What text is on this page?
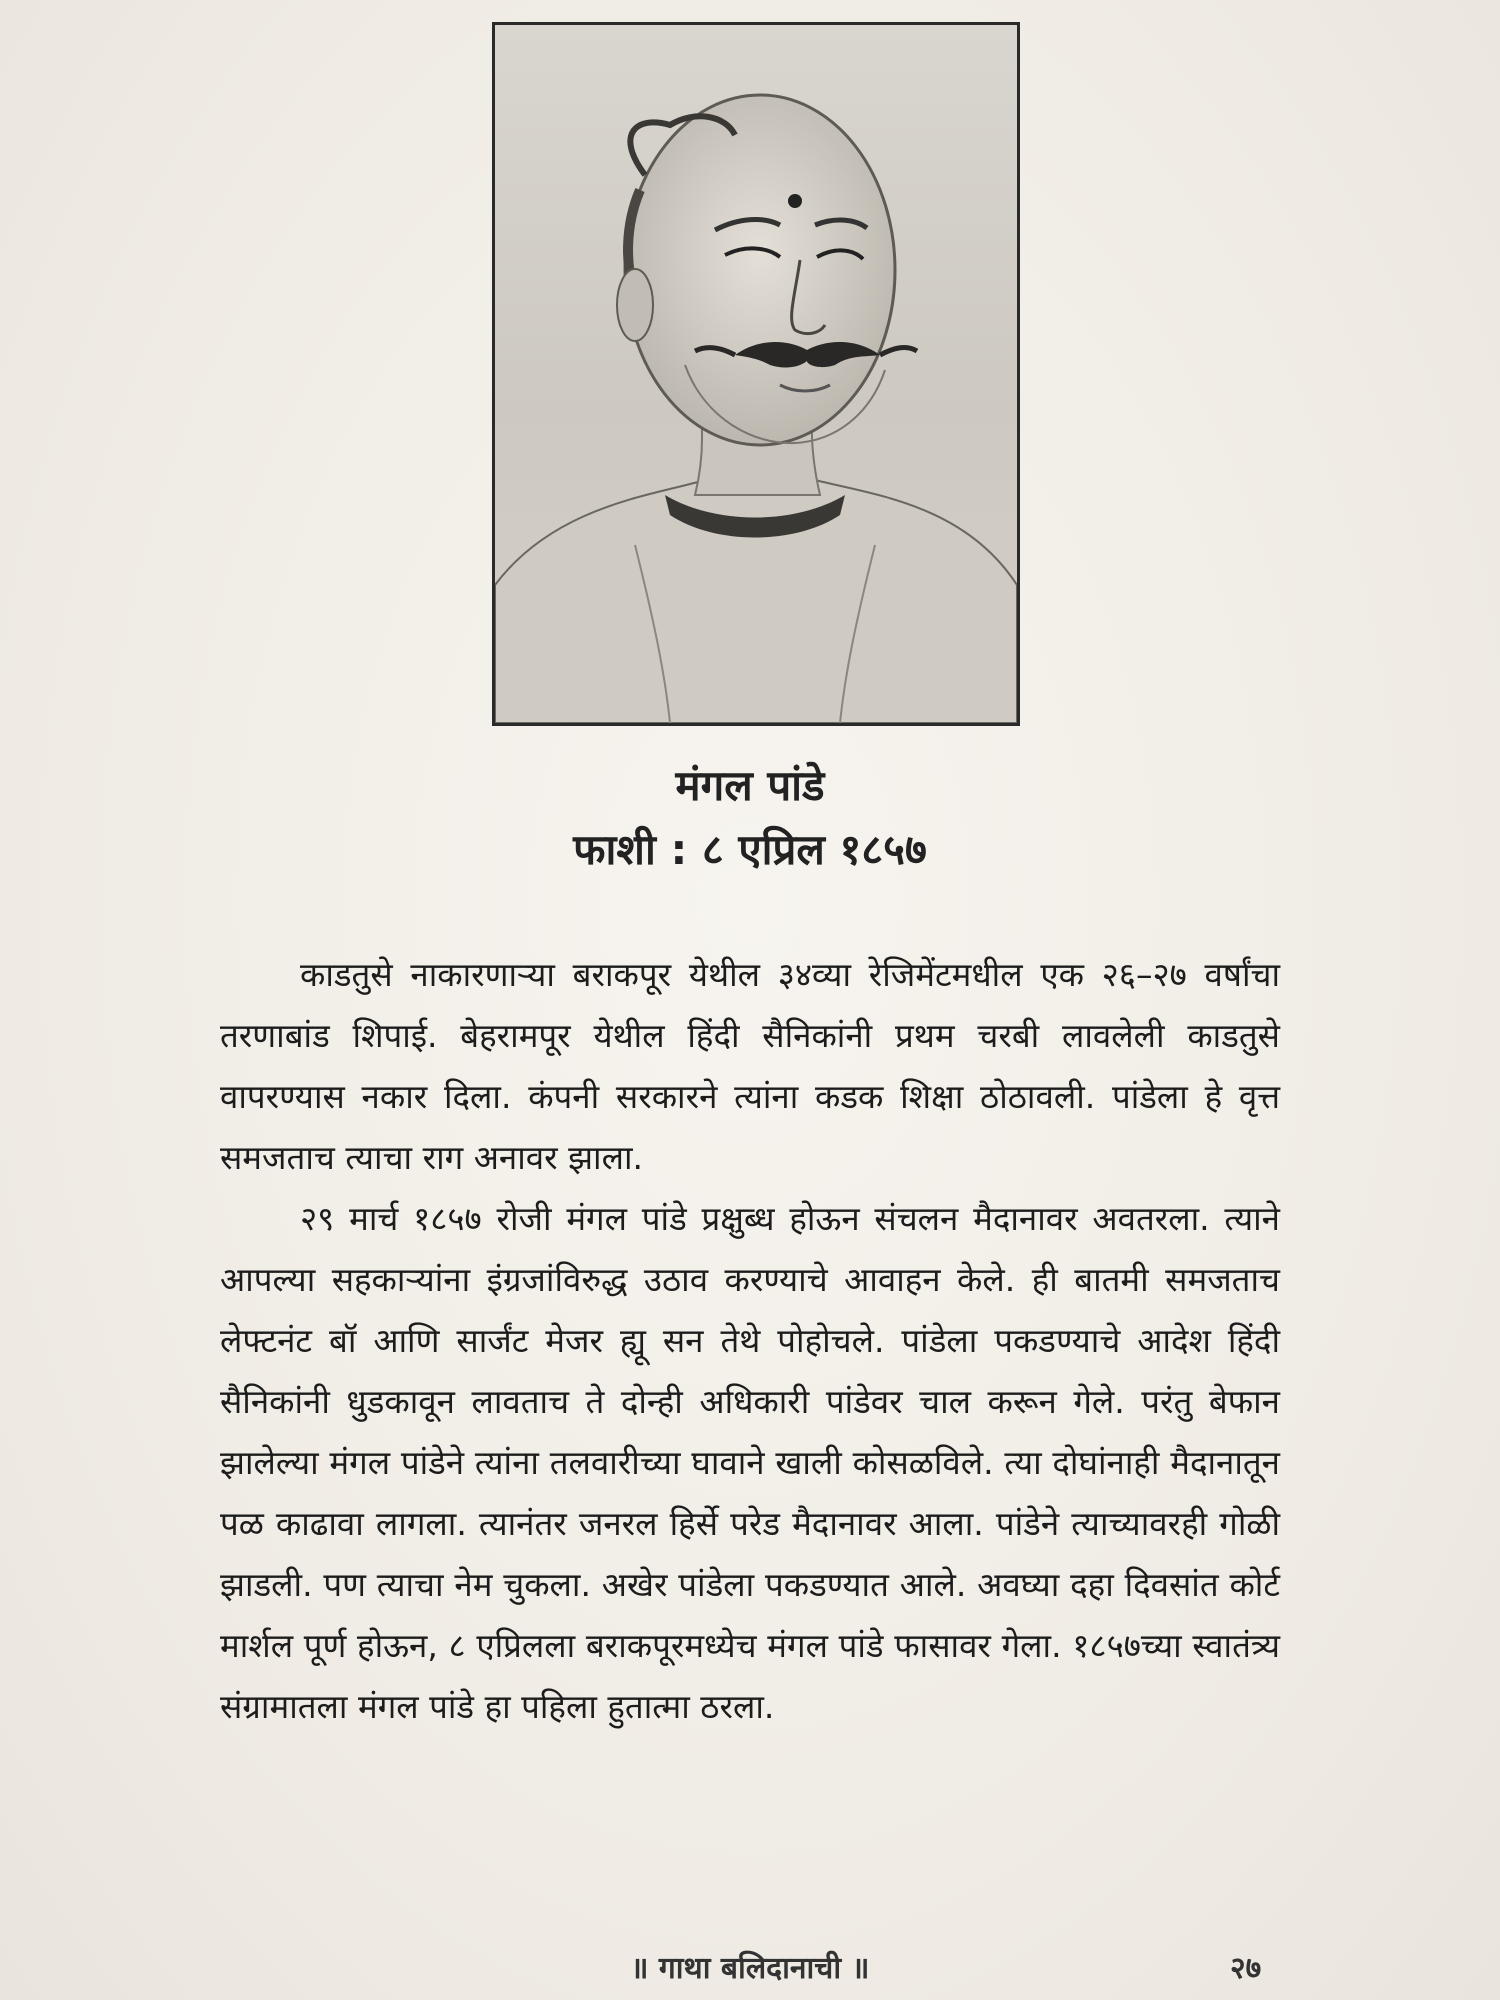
मंगल पांडे
फाशी : ८ एप्रिल १८५७

काडतुसे नाकारणाऱ्या बराकपूर येथील ३४व्या रेजिमेंटमधील एक २६–२७ वर्षांचा तरणाबांड शिपाई. बेहरामपूर येथील हिंदी सैनिकांनी प्रथम चरबी लावलेली काडतुसे वापरण्यास नकार दिला. कंपनी सरकारने त्यांना कडक शिक्षा ठोठावली. पांडेला हे वृत्त समजताच त्याचा राग अनावर झाला.

२९ मार्च १८५७ रोजी मंगल पांडे प्रक्षुब्ध होऊन संचलन मैदानावर अवतरला. त्याने आपल्या सहकाऱ्यांना इंग्रजांविरुद्ध उठाव करण्याचे आवाहन केले. ही बातमी समजताच लेफ्टनंट बॉ आणि सार्जंट मेजर ह्यू सन तेथे पोहोचले. पांडेला पकडण्याचे आदेश हिंदी सैनिकांनी धुडकावून लावताच ते दोन्ही अधिकारी पांडेवर चाल करून गेले. परंतु बेफान झालेल्या मंगल पांडेने त्यांना तलवारीच्या घावाने खाली कोसळविले. त्या दोघांनाही मैदानातून पळ काढावा लागला. त्यानंतर जनरल हिर्से परेड मैदानावर आला. पांडेने त्याच्यावरही गोळी झाडली. पण त्याचा नेम चुकला. अखेर पांडेला पकडण्यात आले. अवघ्या दहा दिवसांत कोर्ट मार्शल पूर्ण होऊन, ८ एप्रिलला बराकपूरमध्येच मंगल पांडे फासावर गेला. १८५७च्या स्वातंत्र्य संग्रामातला मंगल पांडे हा पहिला हुतात्मा ठरला.

॥ गाथा बलिदानाची ॥	२७
